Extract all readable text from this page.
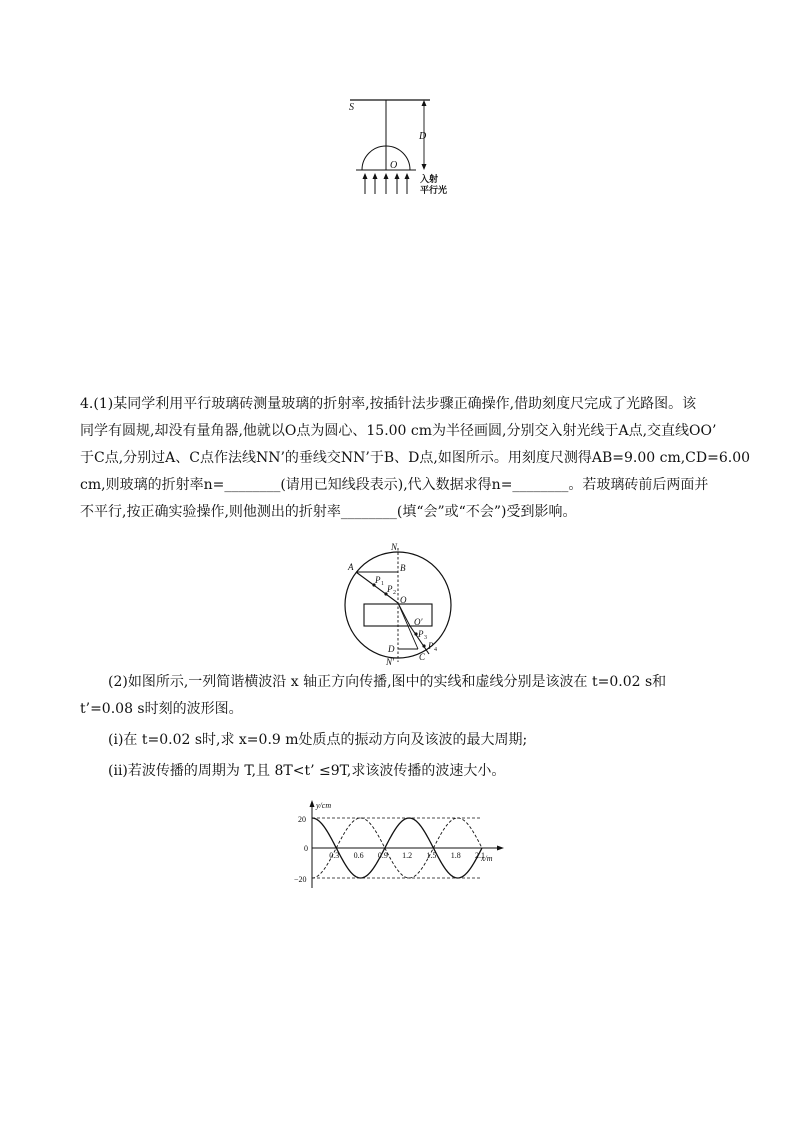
S
O
D
入射
平行光
4.(1)某同学利用平行玻璃砖测量玻璃的折射率,按插针法步骤正确操作,借助刻度尺完成了光路图。该
同学有圆规,却没有量角器,他就以O点为圆心、15.00 cm为半径画圆,分别交入射光线于A点,交直线OO’
于C点,分别过A、C点作法线NN’的垂线交NN’于B、D点,如图所示。用刻度尺测得AB=9.00 cm,CD=6.00
cm,则玻璃的折射率n=________(请用已知线段表示),代入数据求得n=________。若玻璃砖前后两面并
不平行,按正确实验操作,则他测出的折射率________(填“会”或“不会”)受到影响。
N
B
A
P 1 P 2
O
O′
P 3
P 4
D
N′	C
(2)如图所示,一列简谐横波沿 x 轴正方向传播,图中的实线和虚线分别是该波在 t=0.02 s和
t’=0.08 s时刻的波形图。
(ⅰ)在 t=0.02 s时,求 x=0.9 m处质点的振动方向及该波的最大周期;
(ⅱ)若波传播的周期为 T,且 8T<t’ ≤9T,求该波传播的波速大小。
y/cm
x/m
20
0
−20
0.3 0.6 0.9 1.2 1.5 1.8 2.1
